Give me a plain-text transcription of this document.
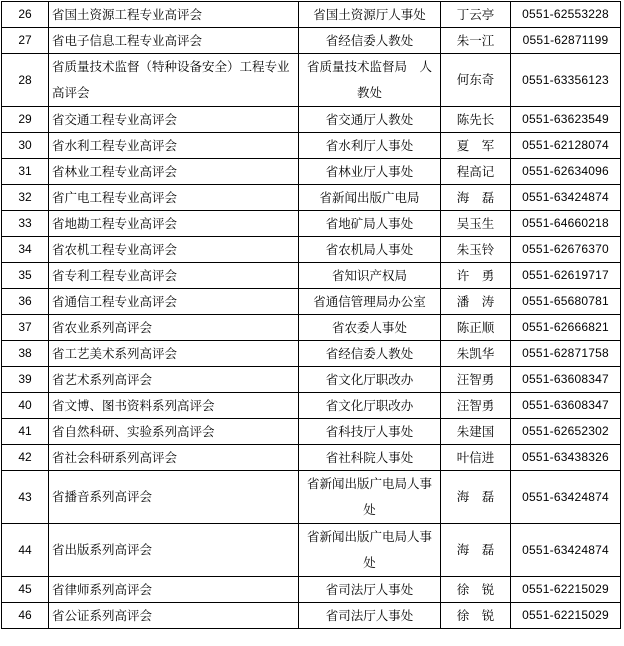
26	省国土资源工程专业高评会	省国土资源厅人事处	丁云亭	0551-62553228
27	省电子信息工程专业高评会	省经信委人教处	朱一江	0551-62871199
28	省质量技术监督（特种设备安全）工程专业高评会	省质量技术监督局　人教处	何东奇	0551-63356123
29	省交通工程专业高评会	省交通厅人教处	陈先长	0551-63623549
30	省水利工程专业高评会	省水利厅人事处	夏　军	0551-62128074
31	省林业工程专业高评会	省林业厅人事处	程高记	0551-62634096
32	省广电工程专业高评会	省新闻出版广电局	海　磊	0551-63424874
33	省地勘工程专业高评会	省地矿局人事处	吴玉生	0551-64660218
34	省农机工程专业高评会	省农机局人事处	朱玉铃	0551-62676370
35	省专利工程专业高评会	省知识产权局	许　勇	0551-62619717
36	省通信工程专业高评会	省通信管理局办公室	潘　涛	0551-65680781
37	省农业系列高评会	省农委人事处	陈正顺	0551-62666821
38	省工艺美术系列高评会	省经信委人教处	朱凯华	0551-62871758
39	省艺术系列高评会	省文化厅职改办	汪智勇	0551-63608347
40	省文博、图书资料系列高评会	省文化厅职改办	汪智勇	0551-63608347
41	省自然科研、实验系列高评会	省科技厅人事处	朱建国	0551-62652302
42	省社会科研系列高评会	省社科院人事处	叶信进	0551-63438326
43	省播音系列高评会	省新闻出版广电局人事处	海　磊	0551-63424874
44	省出版系列高评会	省新闻出版广电局人事处	海　磊	0551-63424874
45	省律师系列高评会	省司法厅人事处	徐　锐	0551-62215029
46	省公证系列高评会	省司法厅人事处	徐　锐	0551-62215029
